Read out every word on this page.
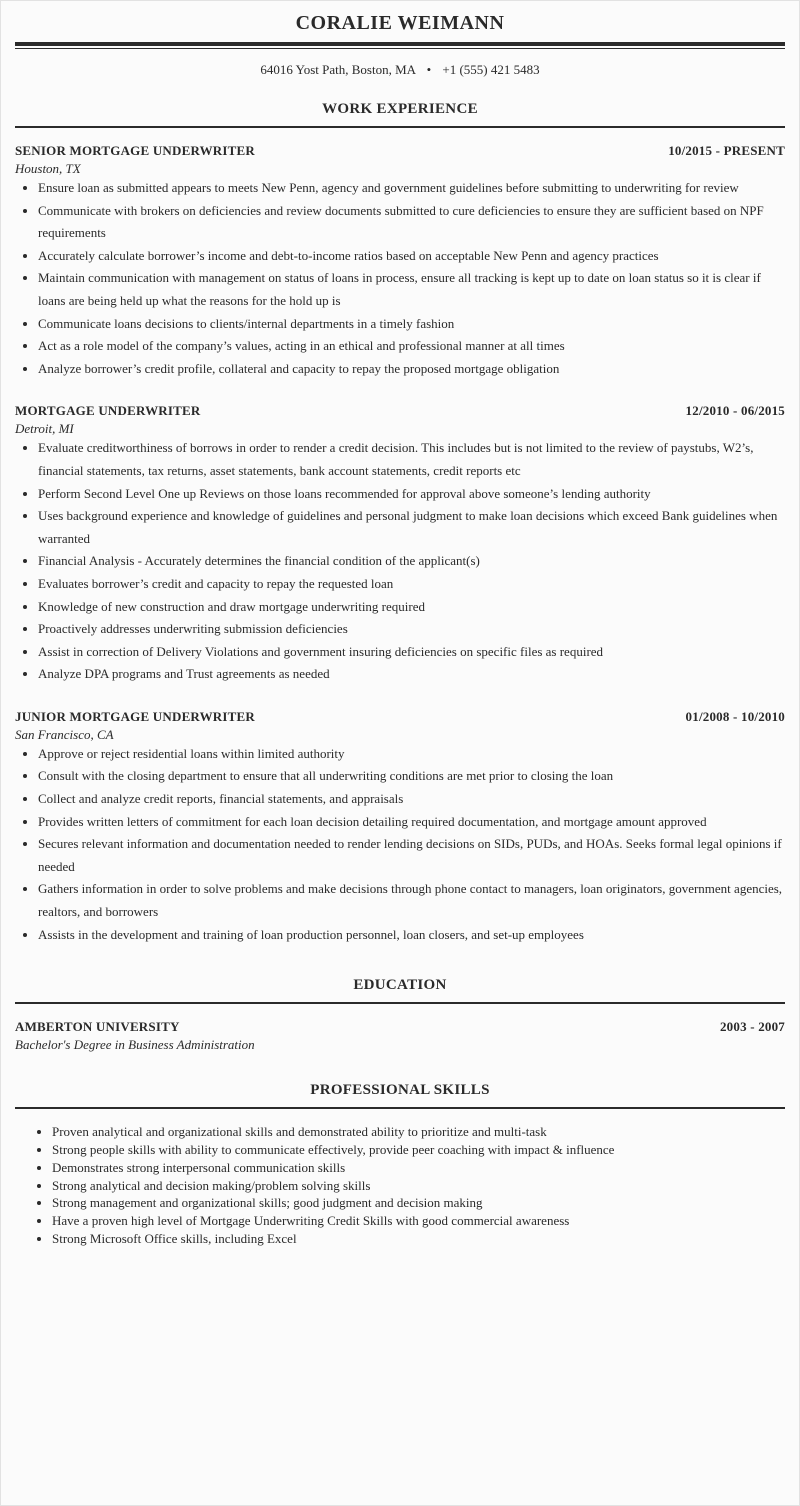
CORALIE WEIMANN
64016 Yost Path, Boston, MA • +1 (555) 421 5483
WORK EXPERIENCE
SENIOR MORTGAGE UNDERWRITER	10/2015 - PRESENT
Houston, TX
• Ensure loan as submitted appears to meets New Penn, agency and government guidelines before submitting to underwriting for review
• Communicate with brokers on deficiencies and review documents submitted to cure deficiencies to ensure they are sufficient based on NPF requirements
• Accurately calculate borrower’s income and debt-to-income ratios based on acceptable New Penn and agency practices
• Maintain communication with management on status of loans in process, ensure all tracking is kept up to date on loan status so it is clear if loans are being held up what the reasons for the hold up is
• Communicate loans decisions to clients/internal departments in a timely fashion
• Act as a role model of the company’s values, acting in an ethical and professional manner at all times
• Analyze borrower’s credit profile, collateral and capacity to repay the proposed mortgage obligation
MORTGAGE UNDERWRITER	12/2010 - 06/2015
Detroit, MI
• Evaluate creditworthiness of borrows in order to render a credit decision. This includes but is not limited to the review of paystubs, W2’s, financial statements, tax returns, asset statements, bank account statements, credit reports etc
• Perform Second Level One up Reviews on those loans recommended for approval above someone’s lending authority
• Uses background experience and knowledge of guidelines and personal judgment to make loan decisions which exceed Bank guidelines when warranted
• Financial Analysis - Accurately determines the financial condition of the applicant(s)
• Evaluates borrower’s credit and capacity to repay the requested loan
• Knowledge of new construction and draw mortgage underwriting required
• Proactively addresses underwriting submission deficiencies
• Assist in correction of Delivery Violations and government insuring deficiencies on specific files as required
• Analyze DPA programs and Trust agreements as needed
JUNIOR MORTGAGE UNDERWRITER	01/2008 - 10/2010
San Francisco, CA
• Approve or reject residential loans within limited authority
• Consult with the closing department to ensure that all underwriting conditions are met prior to closing the loan
• Collect and analyze credit reports, financial statements, and appraisals
• Provides written letters of commitment for each loan decision detailing required documentation, and mortgage amount approved
• Secures relevant information and documentation needed to render lending decisions on SIDs, PUDs, and HOAs. Seeks formal legal opinions if needed
• Gathers information in order to solve problems and make decisions through phone contact to managers, loan originators, government agencies, realtors, and borrowers
• Assists in the development and training of loan production personnel, loan closers, and set-up employees
EDUCATION
AMBERTON UNIVERSITY	2003 - 2007
Bachelor's Degree in Business Administration
PROFESSIONAL SKILLS
• Proven analytical and organizational skills and demonstrated ability to prioritize and multi-task
• Strong people skills with ability to communicate effectively, provide peer coaching with impact & influence
• Demonstrates strong interpersonal communication skills
• Strong analytical and decision making/problem solving skills
• Strong management and organizational skills; good judgment and decision making
• Have a proven high level of Mortgage Underwriting Credit Skills with good commercial awareness
• Strong Microsoft Office skills, including Excel
